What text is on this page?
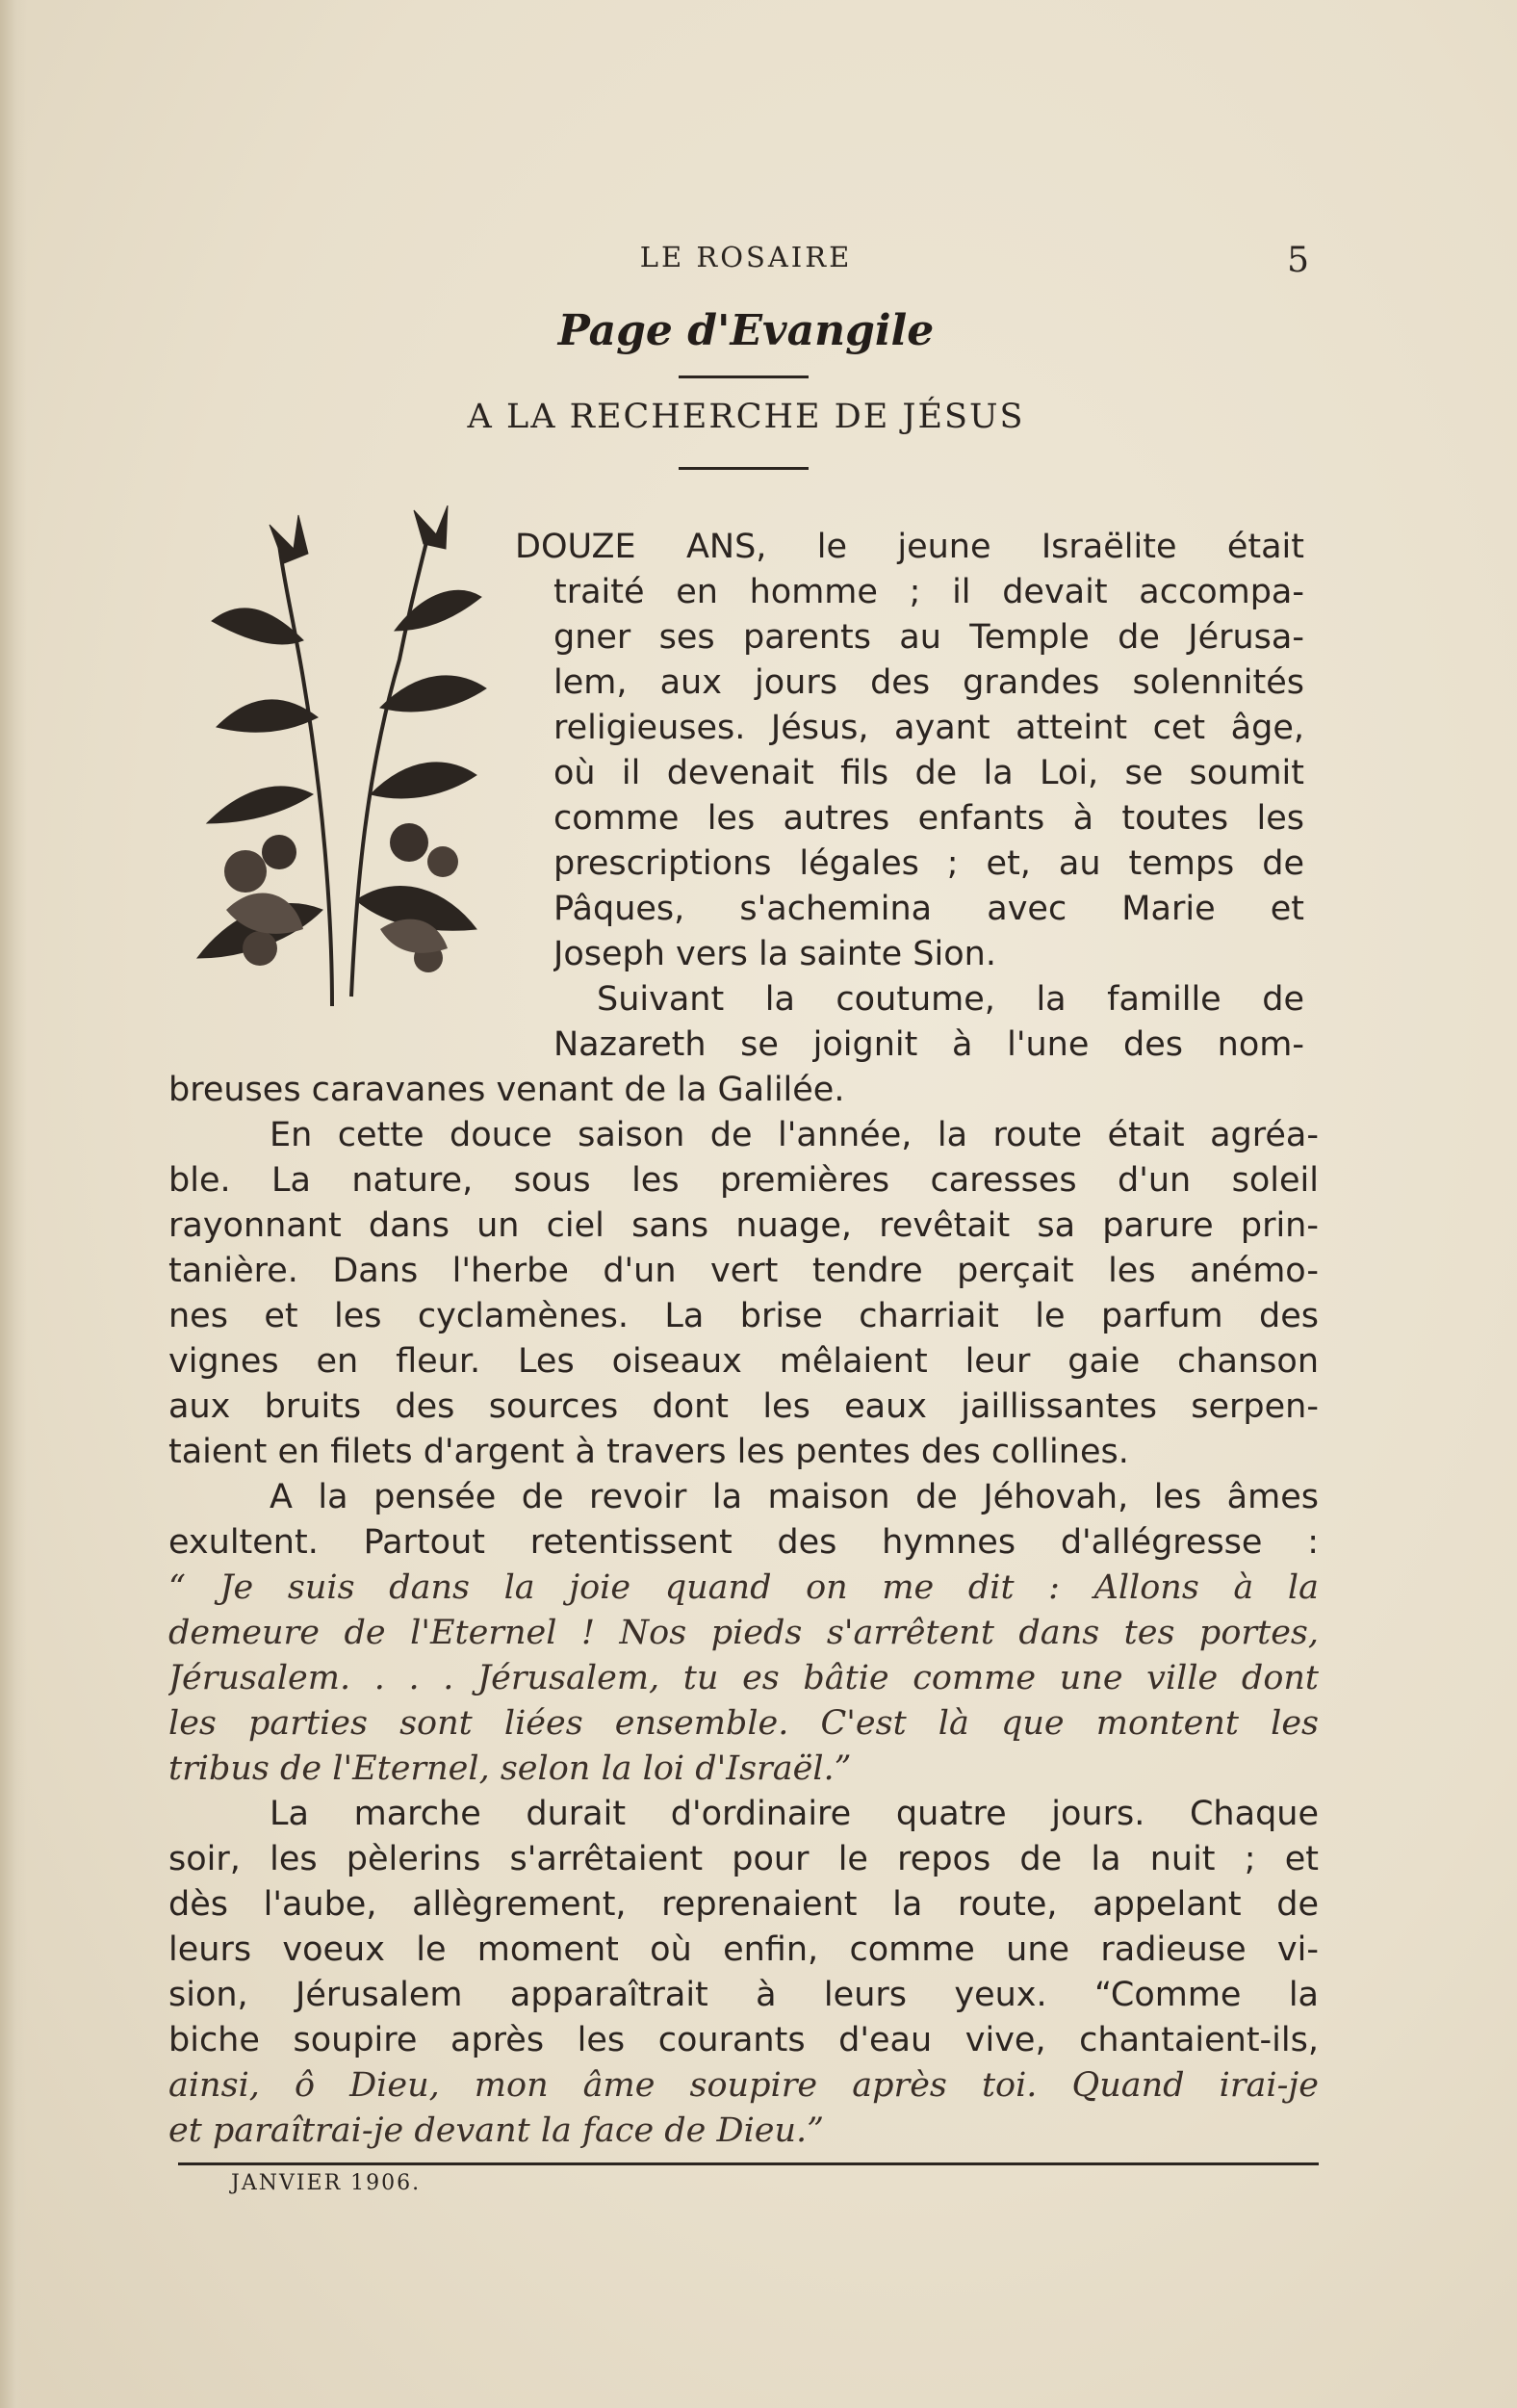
LE ROSAIRE	5
Page d'Evangile
A LA RECHERCHE DE JÉSUS
DOUZE ANS, le jeune Israëlite était
traité en homme ; il devait accompa-
gner ses parents au Temple de Jérusa-
lem, aux jours des grandes solennités
religieuses. Jésus, ayant atteint cet âge,
où il devenait fils de la Loi, se soumit
comme les autres enfants à toutes les
prescriptions légales ; et, au temps de
Pâques, s'achemina avec Marie et
Joseph vers la sainte Sion.
Suivant la coutume, la famille de
Nazareth se joignit à l'une des nom-
breuses caravanes venant de la Galilée.
En cette douce saison de l'année, la route était agréa-
ble. La nature, sous les premières caresses d'un soleil
rayonnant dans un ciel sans nuage, revêtait sa parure prin-
tanière. Dans l'herbe d'un vert tendre perçait les anémo-
nes et les cyclamènes. La brise charriait le parfum des
vignes en fleur. Les oiseaux mêlaient leur gaie chanson
aux bruits des sources dont les eaux jaillissantes serpen-
taient en filets d'argent à travers les pentes des collines.
A la pensée de revoir la maison de Jéhovah, les âmes
exultent. Partout retentissent des hymnes d'allégresse :
“ Je suis dans la joie quand on me dit : Allons à la
demeure de l'Eternel ! Nos pieds s'arrêtent dans tes portes,
Jérusalem. . . . Jérusalem, tu es bâtie comme une ville dont
les parties sont liées ensemble. C'est là que montent les
tribus de l'Eternel, selon la loi d'Israël.”
La marche durait d'ordinaire quatre jours. Chaque
soir, les pèlerins s'arrêtaient pour le repos de la nuit ; et
dès l'aube, allègrement, reprenaient la route, appelant de
leurs voeux le moment où enfin, comme une radieuse vi-
sion, Jérusalem apparaîtrait à leurs yeux. “Comme la
biche soupire après les courants d'eau vive, chantaient-ils,
ainsi, ô Dieu, mon âme soupire après toi. Quand irai-je
et paraîtrai-je devant la face de Dieu.”
JANVIER 1906.
